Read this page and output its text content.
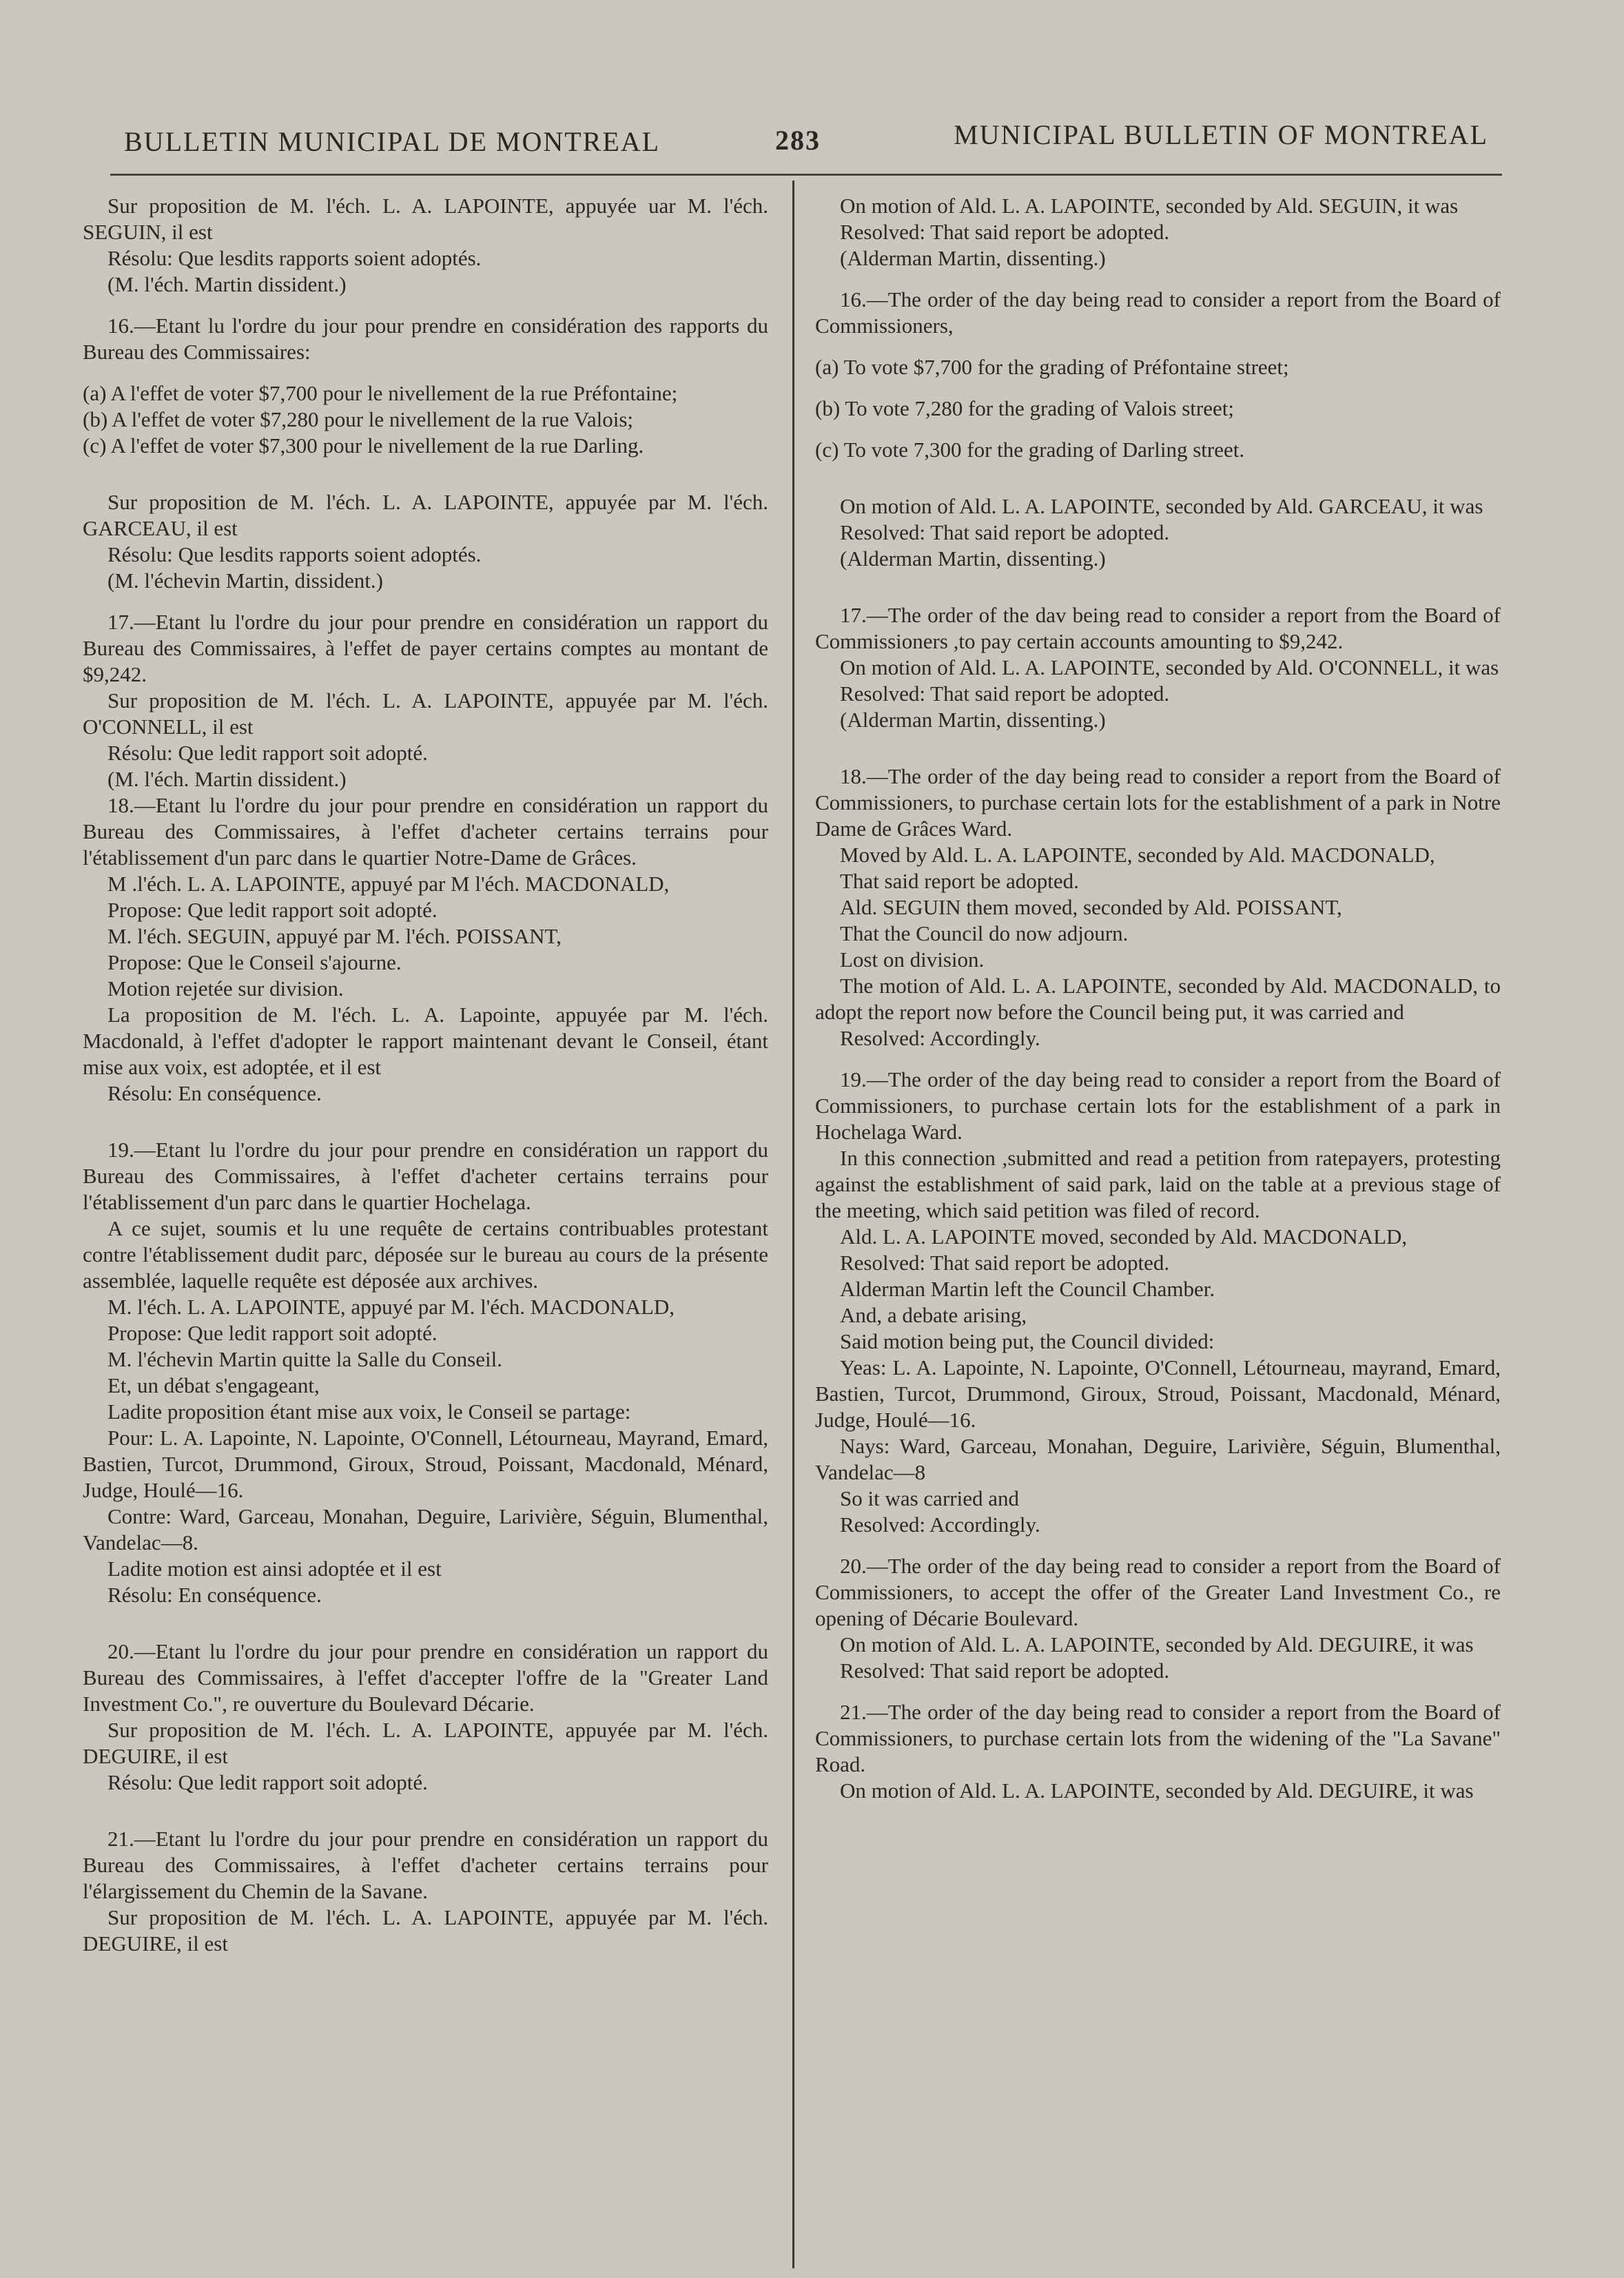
BULLETIN MUNICIPAL DE MONTREAL	283	MUNICIPAL BULLETIN OF MONTREAL

Sur proposition de M. l'éch. L. A. LAPOINTE, appuyée uar M. l'éch. SEGUIN, il est

Résolu: Que lesdits rapports soient adoptés.

(M. l'éch. Martin dissident.)

16.—Etant lu l'ordre du jour pour prendre en considération des rapports du Bureau des Commissaires:

(a) A l'effet de voter $7,700 pour le nivellement de la rue Préfontaine;

(b) A l'effet de voter $7,280 pour le nivellement de la rue Valois;

(c) A l'effet de voter $7,300 pour le nivellement de la rue Darling.

Sur proposition de M. l'éch. L. A. LAPOINTE, appuyée par M. l'éch. GARCEAU, il est

Résolu: Que lesdits rapports soient adoptés.

(M. l'échevin Martin, dissident.)

17.—Etant lu l'ordre du jour pour prendre en considération un rapport du Bureau des Commissaires, à l'effet de payer certains comptes au montant de $9,242.

Sur proposition de M. l'éch. L. A. LAPOINTE, appuyée par M. l'éch. O'CONNELL, il est

Résolu: Que ledit rapport soit adopté.

(M. l'éch. Martin dissident.)

18.—Etant lu l'ordre du jour pour prendre en considération un rapport du Bureau des Commissaires, à l'effet d'acheter certains terrains pour l'établissement d'un parc dans le quartier Notre-Dame de Grâces.

M .l'éch. L. A. LAPOINTE, appuyé par M l'éch. MACDONALD,

Propose: Que ledit rapport soit adopté.

M. l'éch. SEGUIN, appuyé par M. l'éch. POISSANT,

Propose: Que le Conseil s'ajourne.

Motion rejetée sur division.

La proposition de M. l'éch. L. A. Lapointe, appuyée par M. l'éch. Macdonald, à l'effet d'adopter le rapport maintenant devant le Conseil, étant mise aux voix, est adoptée, et il est

Résolu: En conséquence.

19.—Etant lu l'ordre du jour pour prendre en considération un rapport du Bureau des Commissaires, à l'effet d'acheter certains terrains pour l'établissement d'un parc dans le quartier Hochelaga.

A ce sujet, soumis et lu une requête de certains contribuables protestant contre l'établissement dudit parc, déposée sur le bureau au cours de la présente assemblée, laquelle requête est déposée aux archives.

M. l'éch. L. A. LAPOINTE, appuyé par M. l'éch. MACDONALD,

Propose: Que ledit rapport soit adopté.

M. l'échevin Martin quitte la Salle du Conseil.

Et, un débat s'engageant,

Ladite proposition étant mise aux voix, le Conseil se partage:

Pour: L. A. Lapointe, N. Lapointe, O'Connell, Létourneau, Mayrand, Emard, Bastien, Turcot, Drummond, Giroux, Stroud, Poissant, Macdonald, Ménard, Judge, Houlé—16.

Contre: Ward, Garceau, Monahan, Deguire, Larivière, Séguin, Blumenthal, Vandelac—8.

Ladite motion est ainsi adoptée et il est

Résolu: En conséquence.

20.—Etant lu l'ordre du jour pour prendre en considération un rapport du Bureau des Commissaires, à l'effet d'accepter l'offre de la "Greater Land Investment Co.", re ouverture du Boulevard Décarie.

Sur proposition de M. l'éch. L. A. LAPOINTE, appuyée par M. l'éch. DEGUIRE, il est

Résolu: Que ledit rapport soit adopté.

21.—Etant lu l'ordre du jour pour prendre en considération un rapport du Bureau des Commissaires, à l'effet d'acheter certains terrains pour l'élargissement du Chemin de la Savane.

Sur proposition de M. l'éch. L. A. LAPOINTE, appuyée par M. l'éch. DEGUIRE, il est

On motion of Ald. L. A. LAPOINTE, seconded by Ald. SEGUIN, it was

Resolved: That said report be adopted.

(Alderman Martin, dissenting.)

16.—The order of the day being read to consider a report from the Board of Commissioners,

(a) To vote $7,700 for the grading of Préfontaine street;

(b) To vote 7,280 for the grading of Valois street;

(c) To vote 7,300 for the grading of Darling street.

On motion of Ald. L. A. LAPOINTE, seconded by Ald. GARCEAU, it was

Resolved: That said report be adopted.

(Alderman Martin, dissenting.)

17.—The order of the dav being read to consider a report from the Board of Commissioners ,to pay certain accounts amounting to $9,242.

On motion of Ald. L. A. LAPOINTE, seconded by Ald. O'CONNELL, it was

Resolved: That said report be adopted.

(Alderman Martin, dissenting.)

18.—The order of the day being read to consider a report from the Board of Commissioners, to purchase certain lots for the establishment of a park in Notre Dame de Grâces Ward.

Moved by Ald. L. A. LAPOINTE, seconded by Ald. MACDONALD,

That said report be adopted.

Ald. SEGUIN them moved, seconded by Ald. POISSANT,

That the Council do now adjourn.

Lost on division.

The motion of Ald. L. A. LAPOINTE, seconded by Ald. MACDONALD, to adopt the report now before the Council being put, it was carried and

Resolved: Accordingly.

19.—The order of the day being read to consider a report from the Board of Commissioners, to purchase certain lots for the establishment of a park in Hochelaga Ward.

In this connection ,submitted and read a petition from ratepayers, protesting against the establishment of said park, laid on the table at a previous stage of the meeting, which said petition was filed of record.

Ald. L. A. LAPOINTE moved, seconded by Ald. MACDONALD,

Resolved: That said report be adopted.

Alderman Martin left the Council Chamber.

And, a debate arising,

Said motion being put, the Council divided:

Yeas: L. A. Lapointe, N. Lapointe, O'Connell, Létourneau, mayrand, Emard, Bastien, Turcot, Drummond, Giroux, Stroud, Poissant, Macdonald, Ménard, Judge, Houlé—16.

Nays: Ward, Garceau, Monahan, Deguire, Larivière, Séguin, Blumenthal, Vandelac—8

So it was carried and

Resolved: Accordingly.

20.—The order of the day being read to consider a report from the Board of Commissioners, to accept the offer of the Greater Land Investment Co., re opening of Décarie Boulevard.

On motion of Ald. L. A. LAPOINTE, seconded by Ald. DEGUIRE, it was

Resolved: That said report be adopted.

21.—The order of the day being read to consider a report from the Board of Commissioners, to purchase certain lots from the widening of the "La Savane" Road.

On motion of Ald. L. A. LAPOINTE, seconded by Ald. DEGUIRE, it was
